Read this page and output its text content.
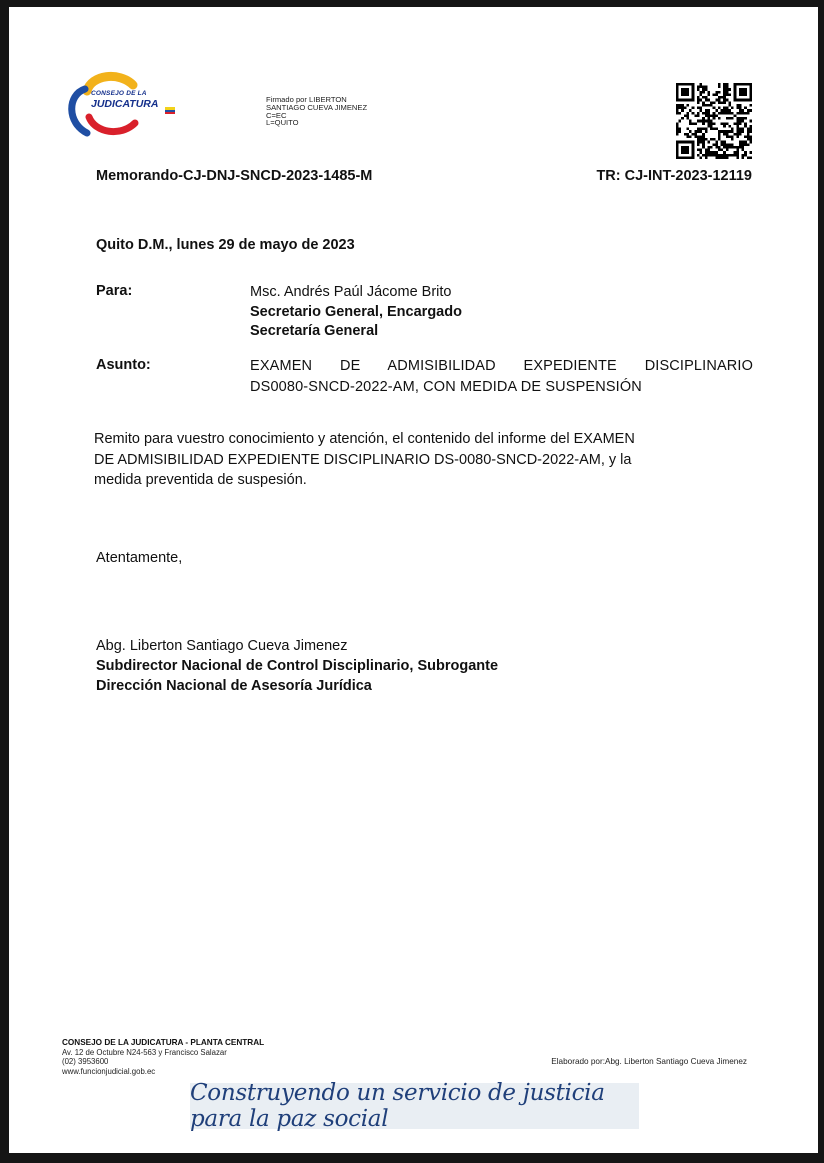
CONSEJO DE LA
JUDICATURA	Firmado por LIBERTON
SANTIAGO CUEVA JIMENEZ
C=EC
L=QUITO
Memorando-CJ-DNJ-SNCD-2023-1485-M	TR: CJ-INT-2023-12119
Quito D.M., lunes 29 de mayo de 2023
Para:	Msc. Andrés Paúl Jácome Brito
Secretario General, Encargado
Secretaría General
Asunto:	EXAMEN DE ADMISIBILIDAD EXPEDIENTE DISCIPLINARIO
DS0080-SNCD-2022-AM, CON MEDIDA DE SUSPENSIÓN
Remito para vuestro conocimiento y atención, el contenido del informe del EXAMEN
DE ADMISIBILIDAD EXPEDIENTE DISCIPLINARIO DS-0080-SNCD-2022-AM, y la
medida preventida de suspesión.
Atentamente,
Abg. Liberton Santiago Cueva Jimenez
Subdirector Nacional de Control Disciplinario, Subrogante
Dirección Nacional de Asesoría Jurídica
CONSEJO DE LA JUDICATURA - PLANTA CENTRAL
Av. 12 de Octubre N24-563 y Francisco Salazar
(02) 3953600
www.funcionjudicial.gob.ec
Elaborado por:Abg. Liberton Santiago Cueva Jimenez
Construyendo un servicio de justicia para la paz social
